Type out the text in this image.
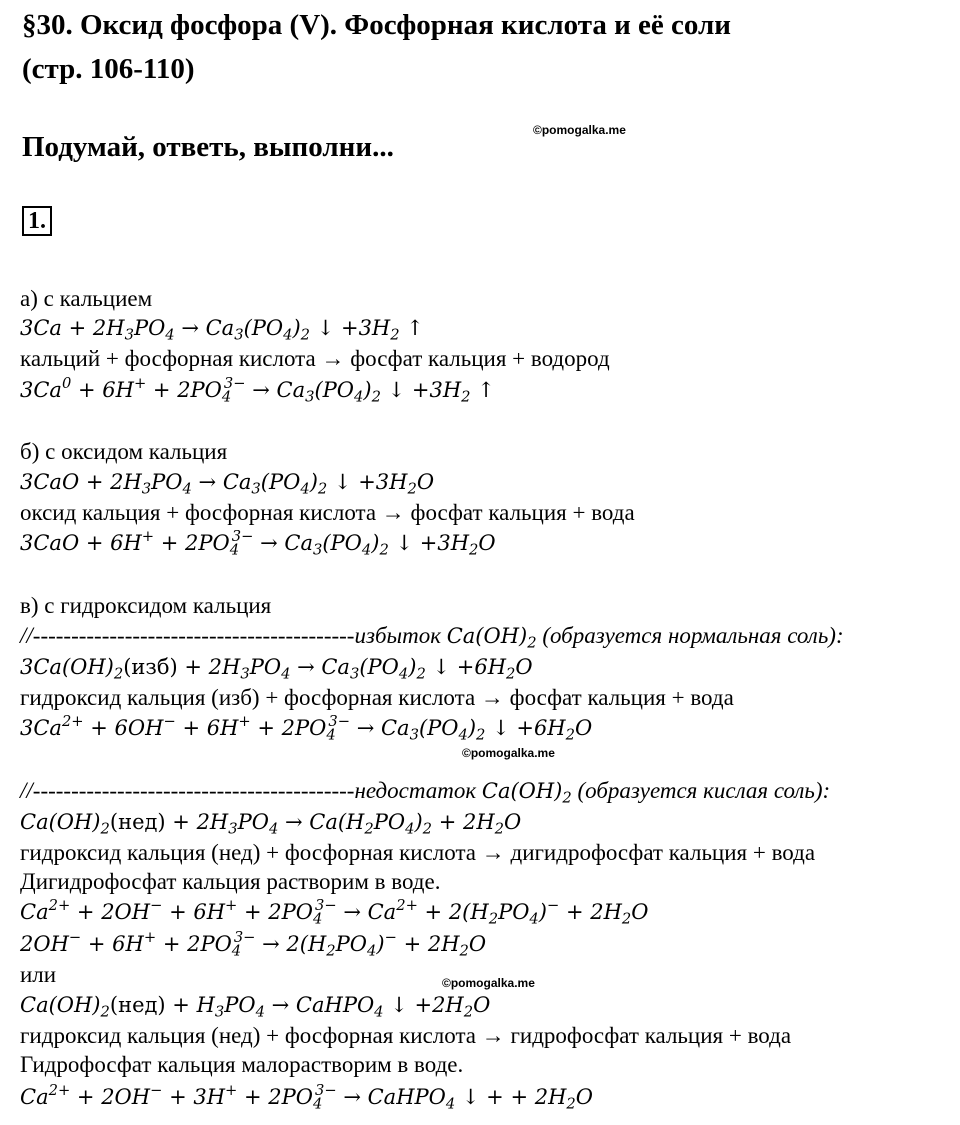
§30. Оксид фосфора (V). Фосфорная кислота и её соли
(стр. 106-110)
Подумай, ответь, выполни...
©pomogalka.me
1.
а) с кальцием
$3Ca + 2H_3PO_4 \to Ca_3(PO_4)_2$ ↓ $+3H_2$ ↑
кальций + фосфорная кислота → фосфат кальция + водород
$3Ca^0 + 6H^+ + 2PO_4^{3-} \to Ca_3(PO_4)_2$ ↓ $+3H_2$ ↑
б) с оксидом кальция
$3CaO + 2H_3PO_4 \to Ca_3(PO_4)_2$ ↓ $+3H_2O$
оксид кальция + фосфорная кислота → фосфат кальция + вода
$3CaO + 6H^+ + 2PO_4^{3-} \to Ca_3(PO_4)_2$ ↓ $+3H_2O$
в) с гидроксидом кальция
//------------------------------------------избыток $Ca(OH)_2$ (образуется нормальная соль):
$3Ca(OH)_2(изб) + 2H_3PO_4 \to Ca_3(PO_4)_2$ ↓ $+6H_2O$
гидроксид кальция (изб) + фосфорная кислота → фосфат кальция + вода
$3Ca^{2+} + 6OH^- + 6H^+ + 2PO_4^{3-} \to Ca_3(PO_4)_2$ ↓ $+6H_2O$
©pomogalka.me
//------------------------------------------недостаток $Ca(OH)_2$ (образуется кислая соль):
$Ca(OH)_2(нед) + 2H_3PO_4 \to Ca(H_2PO_4)_2 + 2H_2O$
гидроксид кальция (нед) + фосфорная кислота → дигидрофосфат кальция + вода
Дигидрофосфат кальция растворим в воде.
$Ca^{2+} + 2OH^- + 6H^+ + 2PO_4^{3-} \to Ca^{2+} + 2(H_2PO_4)^- + 2H_2O$
$2OH^- + 6H^+ + 2PO_4^{3-} \to 2(H_2PO_4)^- + 2H_2O$
или	©pomogalka.me
$Ca(OH)_2(нед) + H_3PO_4$ → CaHPO$_4$ ↓ $+2H_2O$
гидроксид кальция (нед) + фосфорная кислота → гидрофосфат кальция + вода
Гидрофосфат кальция малорастворим в воде.
$Ca^{2+} + 2OH^- + 3H^+ + 2PO_4^{3-}$ → CaHPO$_4$ ↓ + + $2H_2O$
